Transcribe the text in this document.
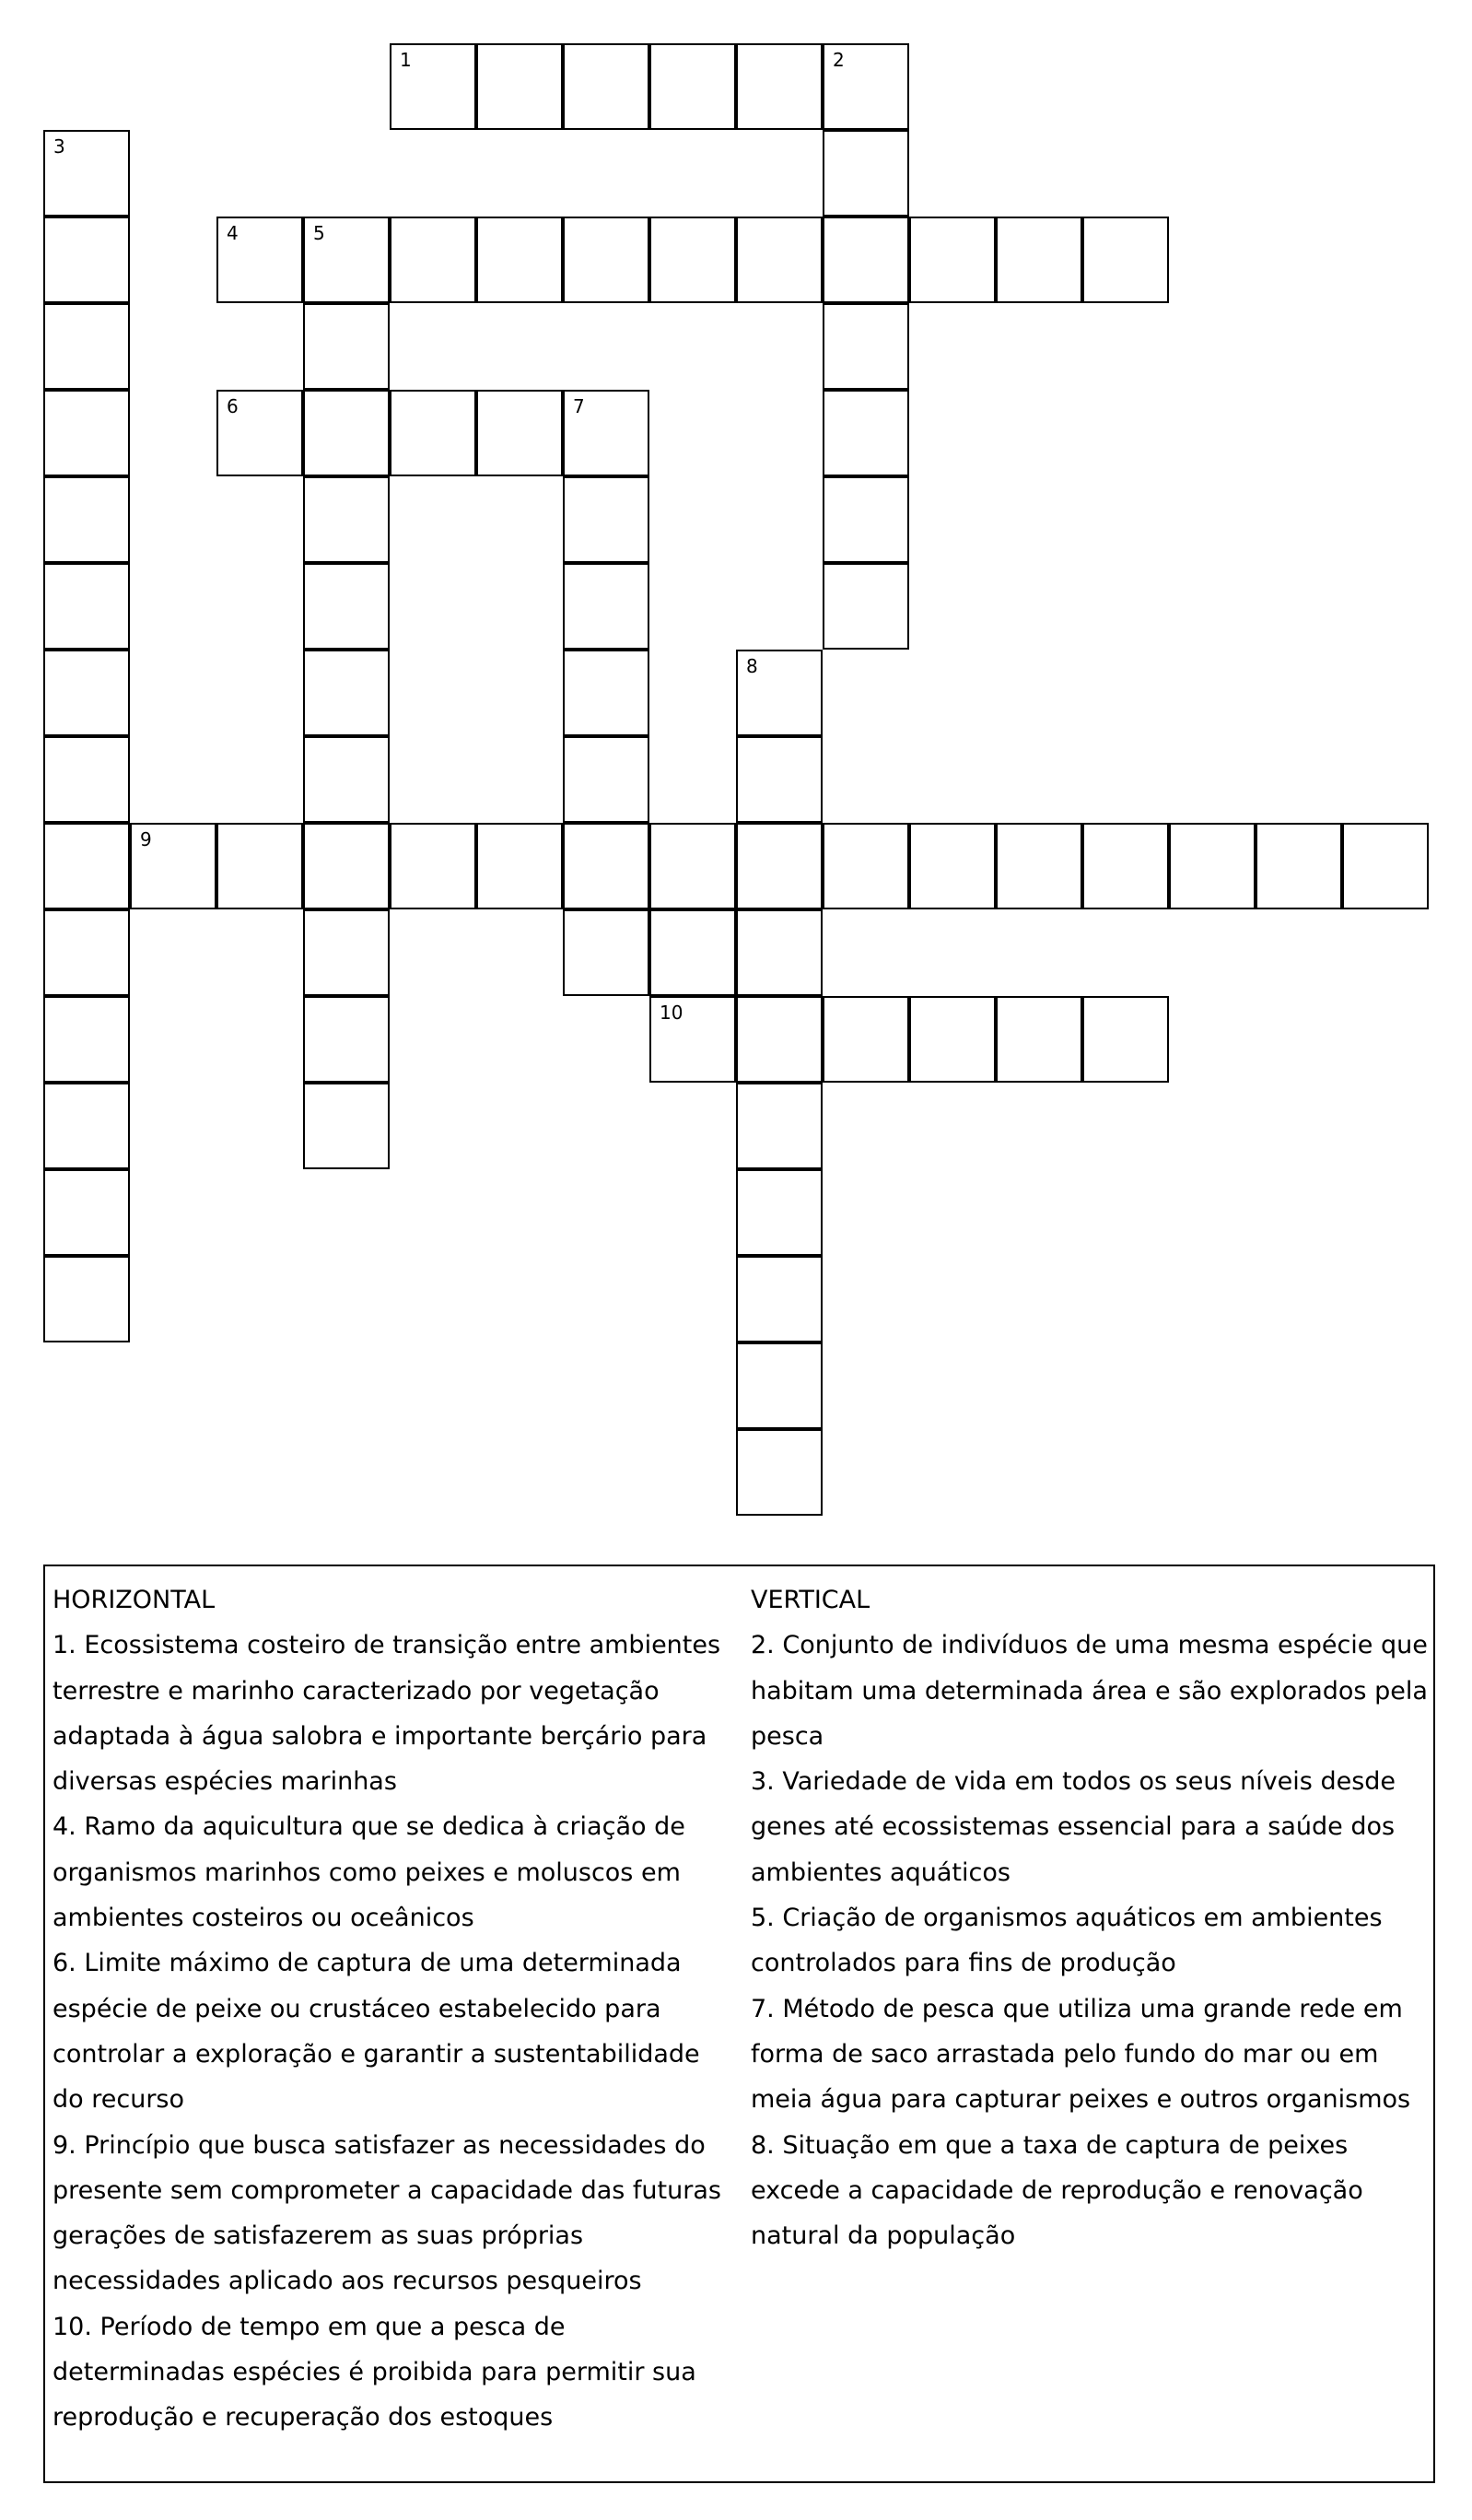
1	2
3
4	5
6	7
8
9
10
HORIZONTAL
1. Ecossistema costeiro de transição entre ambientes terrestre e marinho caracterizado por vegetação adaptada à água salobra e importante berçário para diversas espécies marinhas
4. Ramo da aquicultura que se dedica à criação de organismos marinhos como peixes e moluscos em ambientes costeiros ou oceânicos
6. Limite máximo de captura de uma determinada espécie de peixe ou crustáceo estabelecido para controlar a exploração e garantir a sustentabilidade do recurso
9. Princípio que busca satisfazer as necessidades do presente sem comprometer a capacidade das futuras gerações de satisfazerem as suas próprias necessidades aplicado aos recursos pesqueiros
10. Período de tempo em que a pesca de determinadas espécies é proibida para permitir sua reprodução e recuperação dos estoques
VERTICAL
2. Conjunto de indivíduos de uma mesma espécie que habitam uma determinada área e são explorados pela pesca
3. Variedade de vida em todos os seus níveis desde genes até ecossistemas essencial para a saúde dos ambientes aquáticos
5. Criação de organismos aquáticos em ambientes controlados para fins de produção
7. Método de pesca que utiliza uma grande rede em forma de saco arrastada pelo fundo do mar ou em meia água para capturar peixes e outros organismos
8. Situação em que a taxa de captura de peixes excede a capacidade de reprodução e renovação natural da população
